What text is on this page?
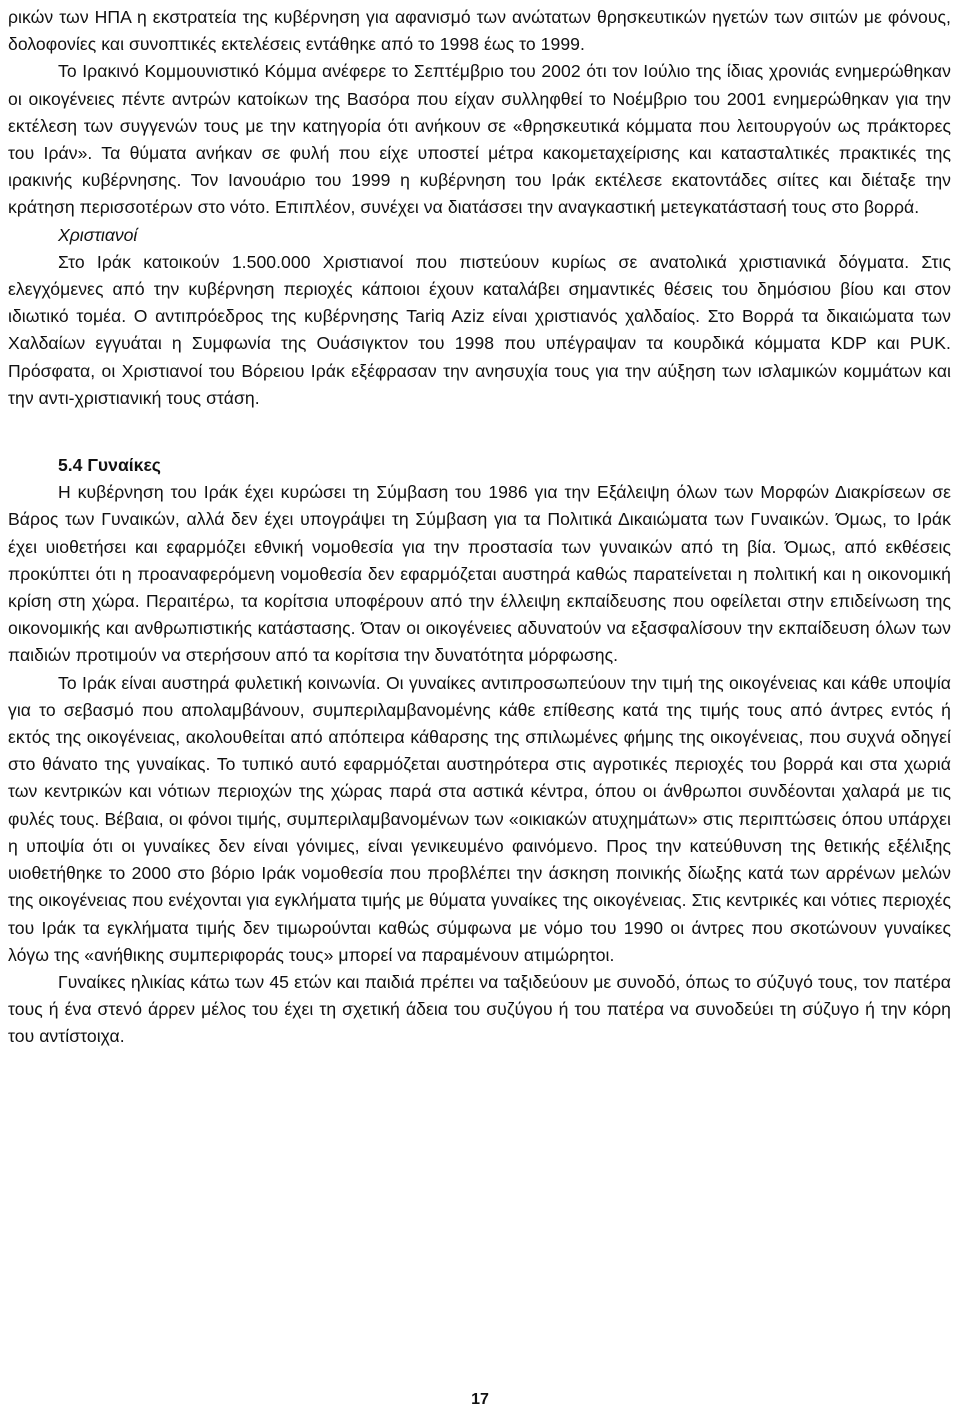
ρικών των ΗΠΑ η εκστρατεία της κυβέρνηση για αφανισμό των ανώτατων θρησκευτικών ηγετών των σιιτών με φόνους, δολοφονίες και συνοπτικές εκτελέσεις εντάθηκε από το 1998 έως το 1999.

Το Ιρακινό Κομμουνιστικό Κόμμα ανέφερε το Σεπτέμβριο του 2002 ότι τον Ιούλιο της ίδιας χρονιάς ενημερώθηκαν οι οικογένειες πέντε αντρών κατοίκων της Βασόρα που είχαν συλληφθεί το Νοέμβριο του 2001 ενημερώθηκαν για την εκτέλεση των συγγενών τους με την κατηγορία ότι ανήκουν σε «θρησκευτικά κόμματα που λειτουργούν ως πράκτορες του Ιράν». Τα θύματα ανήκαν σε φυλή που είχε υποστεί μέτρα κακομεταχείρισης και κατασταλτικές πρακτικές της ιρακινής κυβέρνησης. Τον Ιανουάριο του 1999 η κυβέρνηση του Ιράκ εκτέλεσε εκατοντάδες σιίτες και διέταξε την κράτηση περισσοτέρων στο νότο. Επιπλέον, συνέχει να διατάσσει την αναγκαστική μετεγκατάστασή τους στο βορρά.

Χριστιανοί

Στο Ιράκ κατοικούν 1.500.000 Χριστιανοί που πιστεύουν κυρίως σε ανατολικά χριστιανικά δόγματα. Στις ελεγχόμενες από την κυβέρνηση περιοχές κάποιοι έχουν καταλάβει σημαντικές θέσεις του δημόσιου βίου και στον ιδιωτικό τομέα. Ο αντιπρόεδρος της κυβέρνησης Tariq Aziz είναι χριστιανός χαλδαίος. Στο Βορρά τα δικαιώματα των Χαλδαίων εγγυάται η Συμφωνία της Ουάσιγκτον του 1998 που υπέγραψαν τα κουρδικά κόμματα KDP και PUK. Πρόσφατα, οι Χριστιανοί του Βόρειου Ιράκ εξέφρασαν την ανησυχία τους για την αύξηση των ισλαμικών κομμάτων και την αντι-χριστιανική τους στάση.

5.4 Γυναίκες

Η κυβέρνηση του Ιράκ έχει κυρώσει τη Σύμβαση του 1986 για την Εξάλειψη όλων των Μορφών Διακρίσεων σε Βάρος των Γυναικών, αλλά δεν έχει υπογράψει τη Σύμβαση για τα Πολιτικά Δικαιώματα των Γυναικών. Όμως, το Ιράκ έχει υιοθετήσει και εφαρμόζει εθνική νομοθεσία για την προστασία των γυναικών από τη βία. Όμως, από εκθέσεις προκύπτει ότι η προαναφερόμενη νομοθεσία δεν εφαρμόζεται αυστηρά καθώς παρατείνεται η πολιτική και η οικονομική κρίση στη χώρα. Περαιτέρω, τα κορίτσια υποφέρουν από την έλλειψη εκπαίδευσης που οφείλεται στην επιδείνωση της οικονομικής και ανθρωπιστικής κατάστασης. Όταν οι οικογένειες αδυνατούν να εξασφαλίσουν την εκπαίδευση όλων των παιδιών προτιμούν να στερήσουν από τα κορίτσια την δυνατότητα μόρφωσης.

Το Ιράκ είναι αυστηρά φυλετική κοινωνία. Οι γυναίκες αντιπροσωπεύουν την τιμή της οικογένειας και κάθε υποψία για το σεβασμό που απολαμβάνουν, συμπεριλαμβανομένης κάθε επίθεσης κατά της τιμής τους από άντρες εντός ή εκτός της οικογένειας, ακολουθείται από απόπειρα κάθαρσης της σπιλωμένες φήμης της οικογένειας, που συχνά οδηγεί στο θάνατο της γυναίκας. Το τυπικό αυτό εφαρμόζεται αυστηρότερα στις αγροτικές περιοχές του βορρά και στα χωριά των κεντρικών και νότιων περιοχών της χώρας παρά στα αστικά κέντρα, όπου οι άνθρωποι συνδέονται χαλαρά με τις φυλές τους. Βέβαια, οι φόνοι τιμής, συμπεριλαμβανομένων των «οικιακών ατυχημάτων» στις περιπτώσεις όπου υπάρχει η υποψία ότι οι γυναίκες δεν είναι γόνιμες, είναι γενικευμένο φαινόμενο. Προς την κατεύθυνση της θετικής εξέλιξης υιοθετήθηκε το 2000 στο βόριο Ιράκ νομοθεσία που προβλέπει την άσκηση ποινικής δίωξης κατά των αρρένων μελών της οικογένειας που ενέχονται για εγκλήματα τιμής με θύματα γυναίκες της οικογένειας. Στις κεντρικές και νότιες περιοχές του Ιράκ τα εγκλήματα τιμής δεν τιμωρούνται καθώς σύμφωνα με νόμο του 1990 οι άντρες που σκοτώνουν γυναίκες λόγω της «ανήθικης συμπεριφοράς τους» μπορεί να παραμένουν ατιμώρητοι.

Γυναίκες ηλικίας κάτω των 45 ετών και παιδιά πρέπει να ταξιδεύουν με συνοδό, όπως το σύζυγό τους, τον πατέρα τους ή ένα στενό άρρεν μέλος του έχει τη σχετική άδεια του συζύγου ή του πατέρα να συνοδεύει τη σύζυγο ή την κόρη του αντίστοιχα.

17
